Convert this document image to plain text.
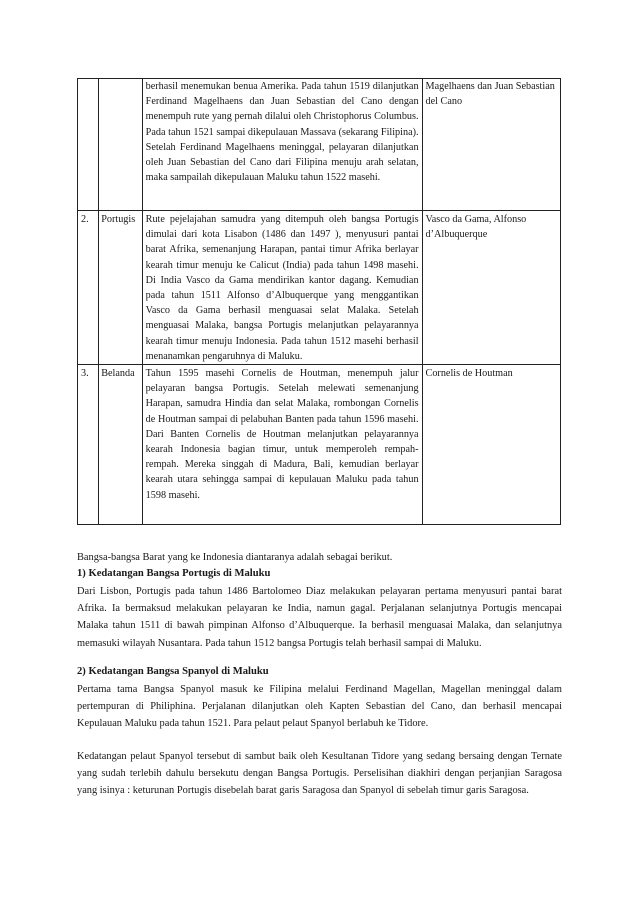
		berhasil menemukan benua Amerika. Pada tahun 1519 dilanjutkan Ferdinand Magelhaens dan Juan Sebastian del Cano dengan menempuh rute yang pernah dilalui oleh Christophorus Columbus. Pada tahun 1521 sampai dikepulauan Massava (sekarang Filipina). Setelah Ferdinand Magelhaens meninggal, pelayaran dilanjutkan oleh Juan Sebastian del Cano dari Filipina menuju arah selatan, maka sampailah dikepulauan Maluku tahun 1522 masehi.	Magelhaens dan Juan Sebastian del Cano
2.	Portugis	Rute pejelajahan samudra yang ditempuh oleh bangsa Portugis dimulai dari kota Lisabon (1486 dan 1497 ), menyusuri pantai barat Afrika, semenanjung Harapan, pantai timur Afrika berlayar kearah timur menuju ke Calicut (India) pada tahun 1498 masehi. Di India Vasco da Gama mendirikan kantor dagang. Kemudian pada tahun 1511 Alfonso d’Albuquerque yang menggantikan Vasco da Gama berhasil menguasai selat Malaka. Setelah menguasai Malaka, bangsa Portugis melanjutkan pelayarannya kearah timur menuju Indonesia. Pada tahun 1512 masehi berhasil menanamkan pengaruhnya di Maluku.	Vasco da Gama, Alfonso d’Albuquerque
3.	Belanda	Tahun 1595 masehi Cornelis de Houtman, menempuh jalur pelayaran bangsa Portugis. Setelah melewati semenanjung Harapan, samudra Hindia dan selat Malaka, rombongan Cornelis de Houtman sampai di pelabuhan Banten pada tahun 1596 masehi. Dari Banten Cornelis de Houtman melanjutkan pelayarannya kearah Indonesia bagian timur, untuk memperoleh rempah-rempah. Mereka singgah di Madura, Bali, kemudian berlayar kearah utara sehingga sampai di kepulauan Maluku pada tahun 1598 masehi.	Cornelis de Houtman
Bangsa-bangsa Barat yang ke Indonesia diantaranya adalah sebagai berikut.
1) Kedatangan Bangsa Portugis di Maluku
Dari Lisbon, Portugis pada tahun 1486 Bartolomeo Diaz melakukan pelayaran pertama menyusuri pantai barat Afrika. Ia bermaksud melakukan pelayaran ke India, namun gagal. Perjalanan selanjutnya Portugis mencapai Malaka tahun 1511 di bawah pimpinan Alfonso d’Albuquerque. Ia berhasil menguasai Malaka, dan selanjutnya memasuki wilayah Nusantara. Pada tahun 1512 bangsa Portugis telah berhasil sampai di Maluku.
2) Kedatangan Bangsa Spanyol di Maluku
Pertama tama Bangsa Spanyol masuk ke Filipina melalui Ferdinand Magellan, Magellan meninggal dalam pertempuran di Philiphina. Perjalanan dilanjutkan oleh Kapten Sebastian del Cano, dan berhasil mencapai Kepulauan Maluku pada tahun 1521. Para pelaut pelaut Spanyol berlabuh ke Tidore.
Kedatangan pelaut Spanyol tersebut di sambut baik oleh Kesultanan Tidore yang sedang bersaing dengan Ternate yang sudah terlebih dahulu bersekutu dengan Bangsa Portugis. Perselisihan diakhiri dengan perjanjian Saragosa yang isinya : keturunan Portugis disebelah barat garis Saragosa dan Spanyol di sebelah timur garis Saragosa.
